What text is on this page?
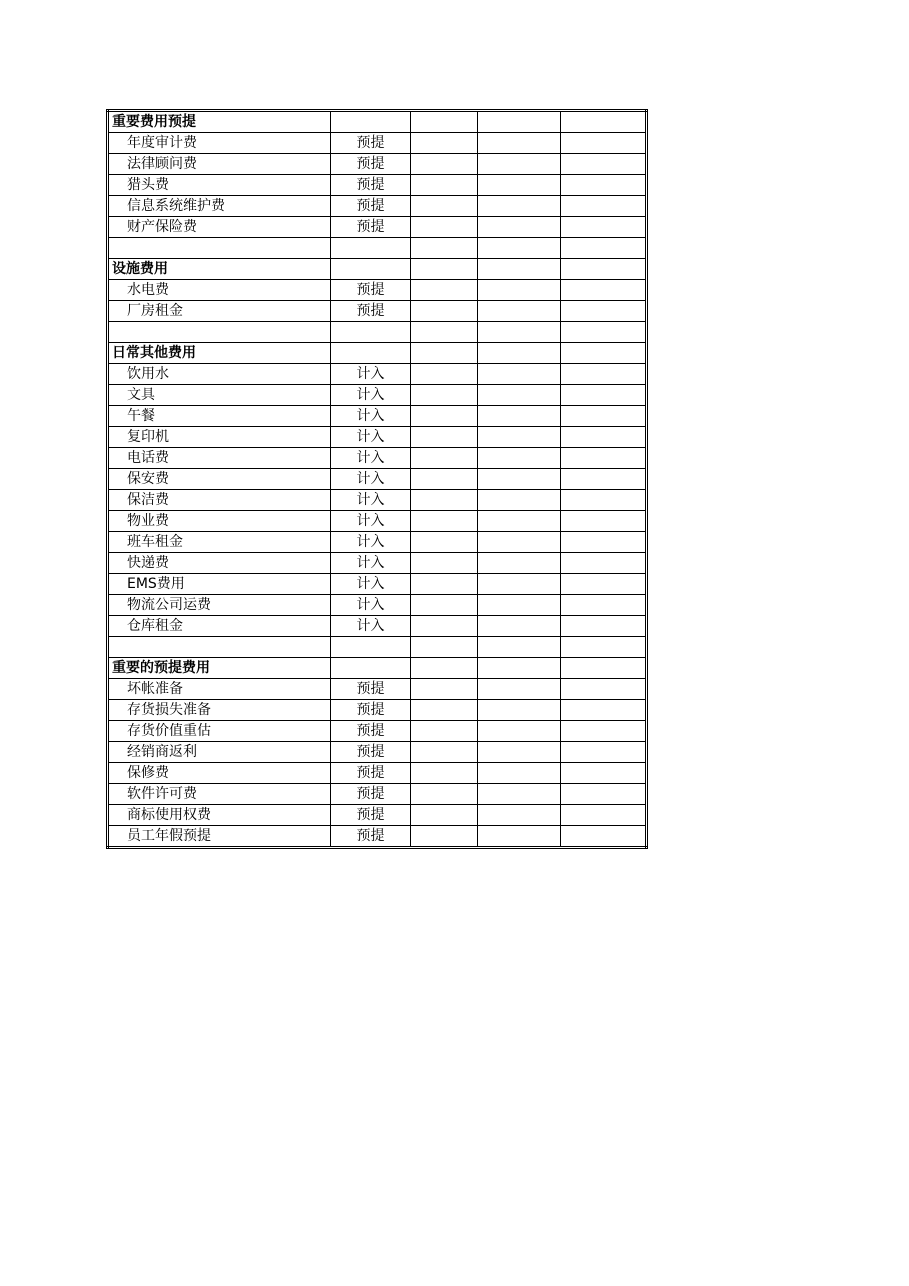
重要费用预提				
年度审计费	预提			
法律顾问费	预提			
猎头费	预提			
信息系统维护费	预提			
财产保险费	预提			

设施费用				
水电费	预提			
厂房租金	预提			

日常其他费用				
饮用水	计入			
文具	计入			
午餐	计入			
复印机	计入			
电话费	计入			
保安费	计入			
保洁费	计入			
物业费	计入			
班车租金	计入			
快递费	计入			
EMS费用	计入			
物流公司运费	计入			
仓库租金	计入			

重要的预提费用				
坏帐准备	预提			
存货损失准备	预提			
存货价值重估	预提			
经销商返利	预提			
保修费	预提			
软件许可费	预提			
商标使用权费	预提			
员工年假预提	预提			
